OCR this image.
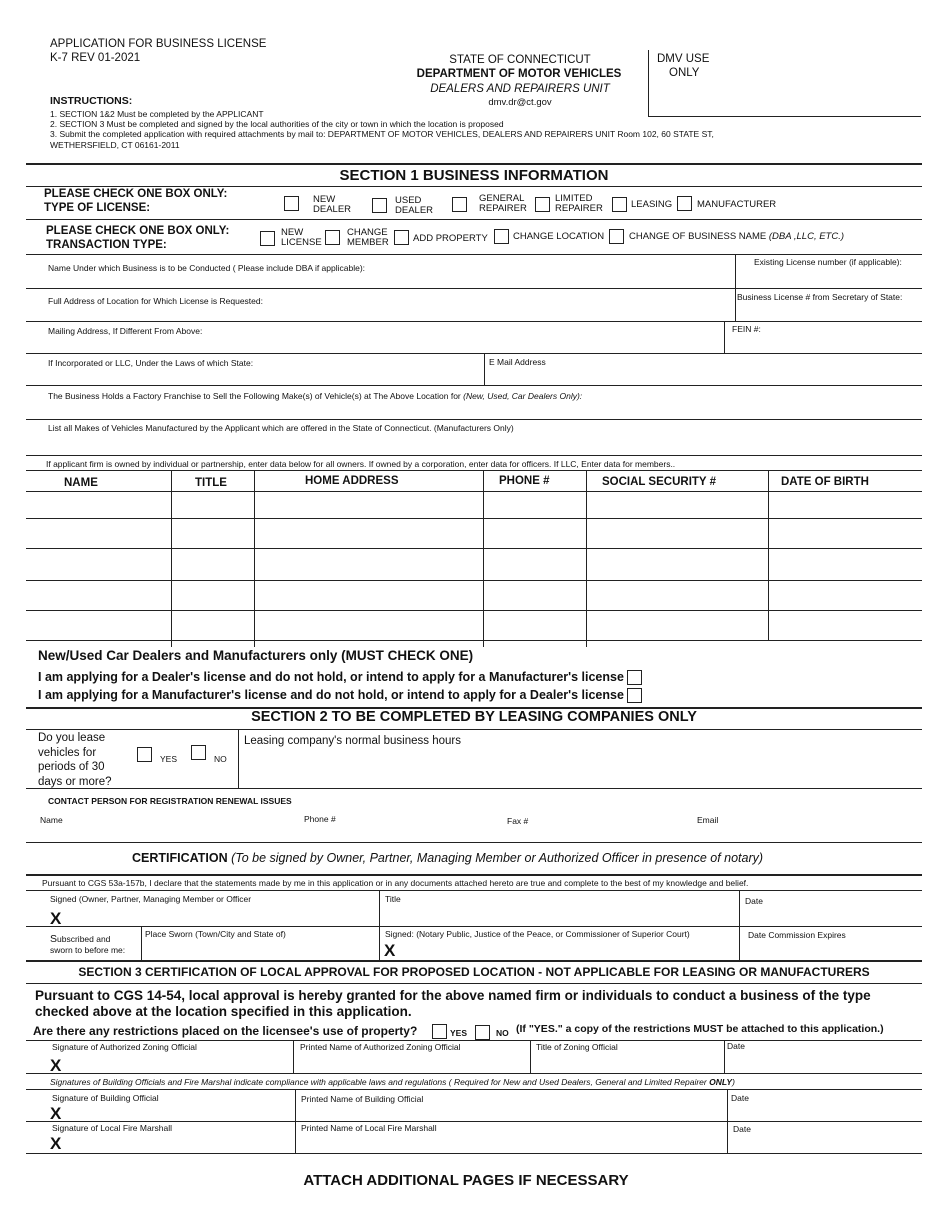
APPLICATION FOR BUSINESS LICENSE
K-7 REV 01-2021	STATE OF CONNECTICUT
DEPARTMENT OF MOTOR VEHICLES
DEALERS AND REPAIRERS UNIT
dmv.dr@ct.gov
DMV USE
ONLY
INSTRUCTIONS:
1. SECTION 1&2 Must be completed by the APPLICANT
2. SECTION 3 Must be completed and signed by the local authorities of the city or town in which the location is proposed
3. Submit the completed application with required attachments by mail to: DEPARTMENT OF MOTOR VEHICLES, DEALERS AND REPAIRERS UNIT Room 102, 60 STATE ST,
WETHERSFIELD, CT 06161-2011
SECTION 1 BUSINESS INFORMATION
PLEASE CHECK ONE BOX ONLY:
TYPE OF LICENSE:
NEW
DEALER
USED
DEALER
GENERAL
REPAIRER
LIMITED
REPAIRER	LEASING	MANUFACTURER
PLEASE CHECK ONE BOX ONLY:
TRANSACTION TYPE:
NEW
LICENSE
CHANGE
MEMBER	ADD PROPERTY	CHANGE LOCATION	CHANGE OF BUSINESS NAME (DBA ,LLC, ETC.)
Name Under which Business is to be Conducted ( Please include DBA if applicable):
Existing License number (if applicable):
Full Address of Location for Which License is Requested:	Business License # from Secretary of State:
Mailing Address, If Different From Above:	FEIN #:
If Incorporated or LLC, Under the Laws of which State:	E Mail Address
The Business Holds a Factory Franchise to Sell the Following Make(s) of Vehicle(s) at The Above Location for (New, Used, Car Dealers Only):
List all Makes of Vehicles Manufactured by the Applicant which are offered in the State of Connecticut. (Manufacturers Only)
If applicant firm is owned by individual or partnership, enter data below for all owners. If owned by a corporation, enter data for officers. If LLC, Enter data for members..
NAME	TITLE	HOME ADDRESS	PHONE #	SOCIAL SECURITY #	DATE OF BIRTH
New/Used Car Dealers and Manufacturers only (MUST CHECK ONE)
I am applying for a Dealer's license and do not hold, or intend to apply for a Manufacturer's license
I am applying for a Manufacturer's license and do not hold, or intend to apply for a Dealer's license
SECTION 2 TO BE COMPLETED BY LEASING COMPANIES ONLY
Do you lease
vehicles for
periods of 30
days or more?
YES	NO
Leasing company's normal business hours
CONTACT PERSON FOR REGISTRATION RENEWAL ISSUES
Name	Phone #	Fax #	Email
CERTIFICATION (To be signed by Owner, Partner, Managing Member or Authorized Officer in presence of notary)
Pursuant to CGS 53a-157b, I declare that the statements made by me in this application or in any documents attached hereto are true and complete to the best of my knowledge and belief.
Signed (Owner, Partner, Managing Member or Officer
X
Title	Date
Subscribed and
sworn to before me:
Place Sworn (Town/City and State of)	Signed: (Notary Public, Justice of the Peace, or Commissioner of Superior Court)
X
Date Commission Expires
SECTION 3 CERTIFICATION OF LOCAL APPROVAL FOR PROPOSED LOCATION - NOT APPLICABLE FOR LEASING OR MANUFACTURERS
Pursuant to CGS 14-54, local approval is hereby granted for the above named firm or individuals to conduct a business of the type
checked above at the location specified in this application.
Are there any restrictions placed on the licensee's use of property?	YES	NO (If "YES." a copy of the restrictions MUST be attached to this application.)
Signature of Authorized Zoning Official
X
Printed Name of Authorized Zoning Official	Title of Zoning Official	Date
Signatures of Building Officials and Fire Marshal indicate compliance with applicable laws and regulations ( Required for New and Used Dealers, General and Limited Repairer ONLY)
Signature of Building Official
X
Printed Name of Building Official	Date
Signature of Local Fire Marshall
X
Printed Name of Local Fire Marshall	Date
ATTACH ADDITIONAL PAGES IF NECESSARY
